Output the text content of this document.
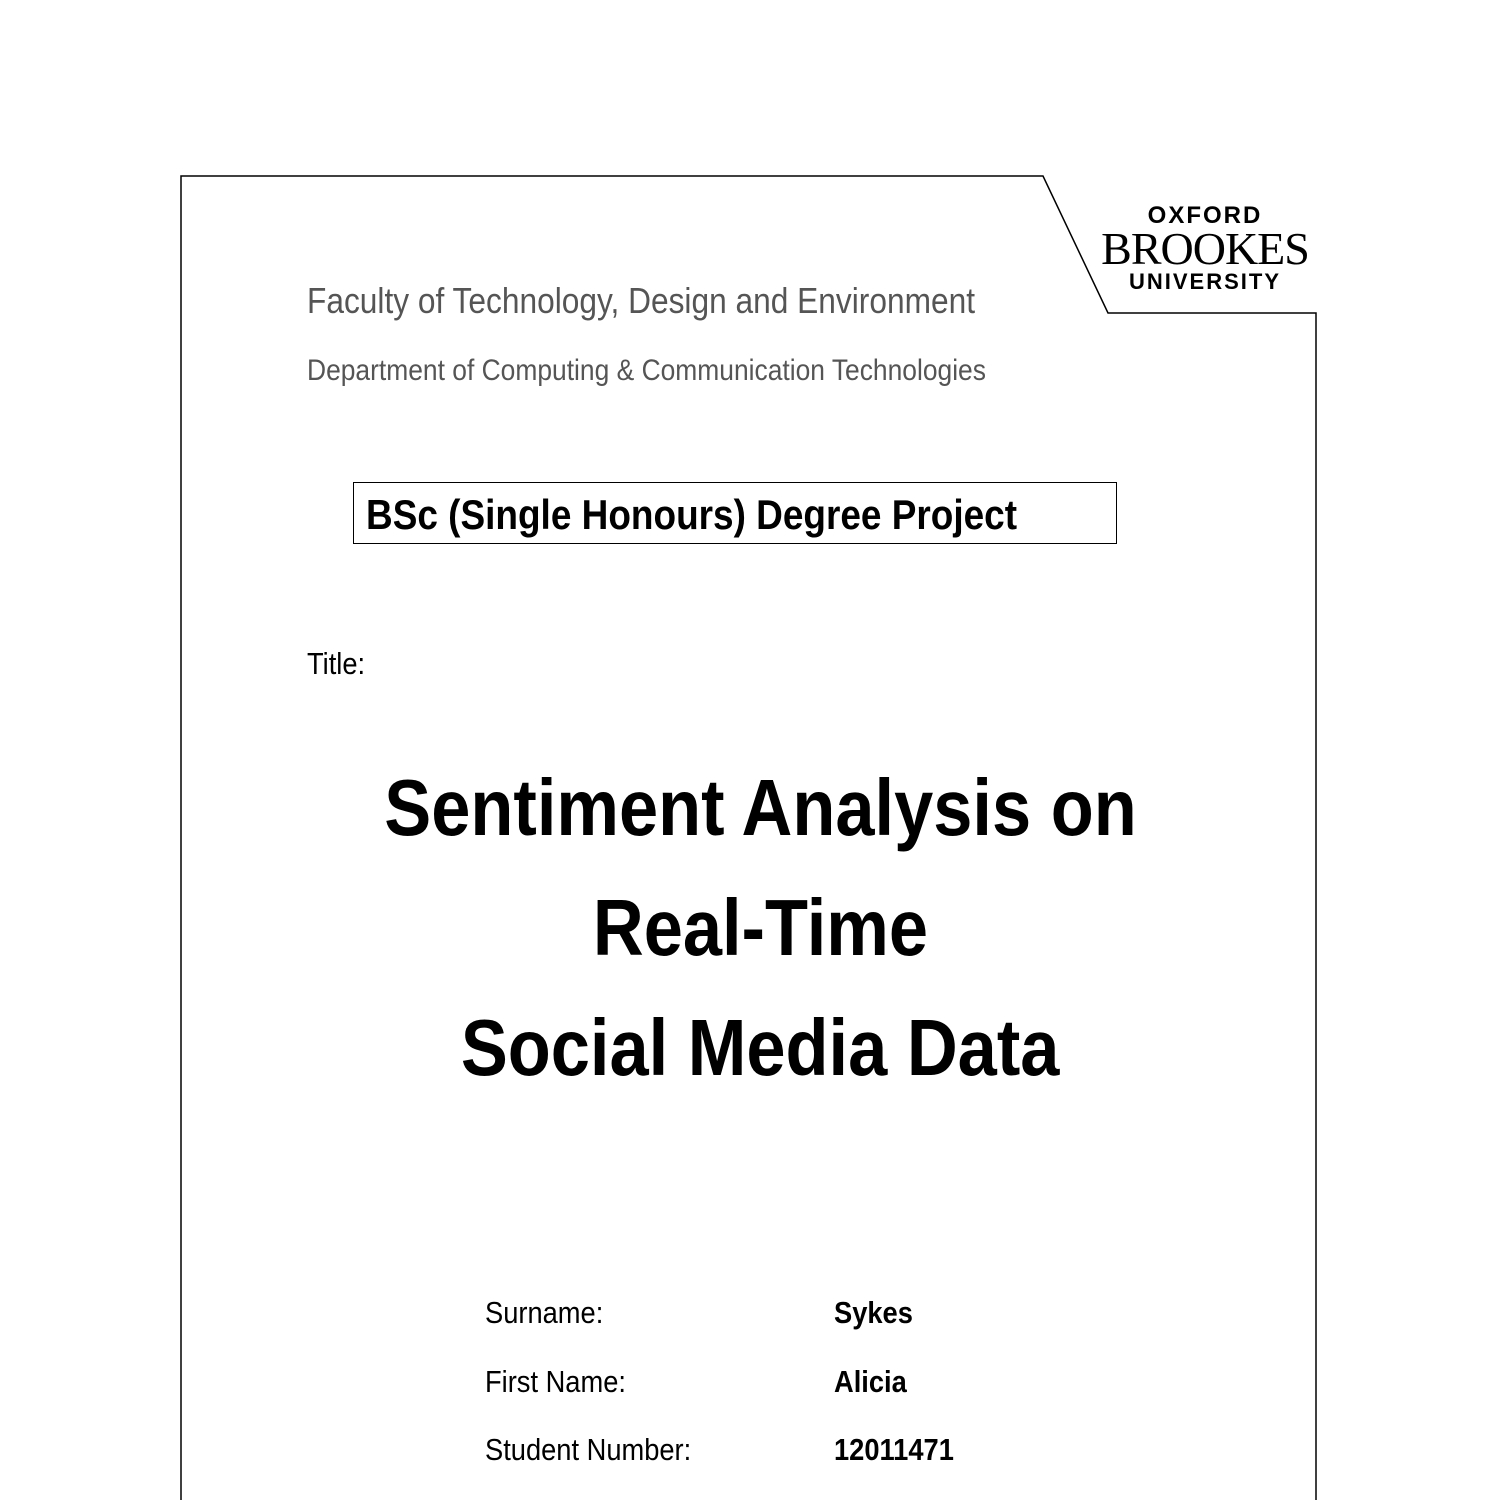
OXFORD
BROOKES
UNIVERSITY
Faculty of Technology, Design and Environment
Department of Computing & Communication Technologies
BSc (Single Honours) Degree Project
Title:
Sentiment Analysis on
Real-Time
Social Media Data
Surname:	Sykes
First Name:	Alicia
Student Number:	12011471
